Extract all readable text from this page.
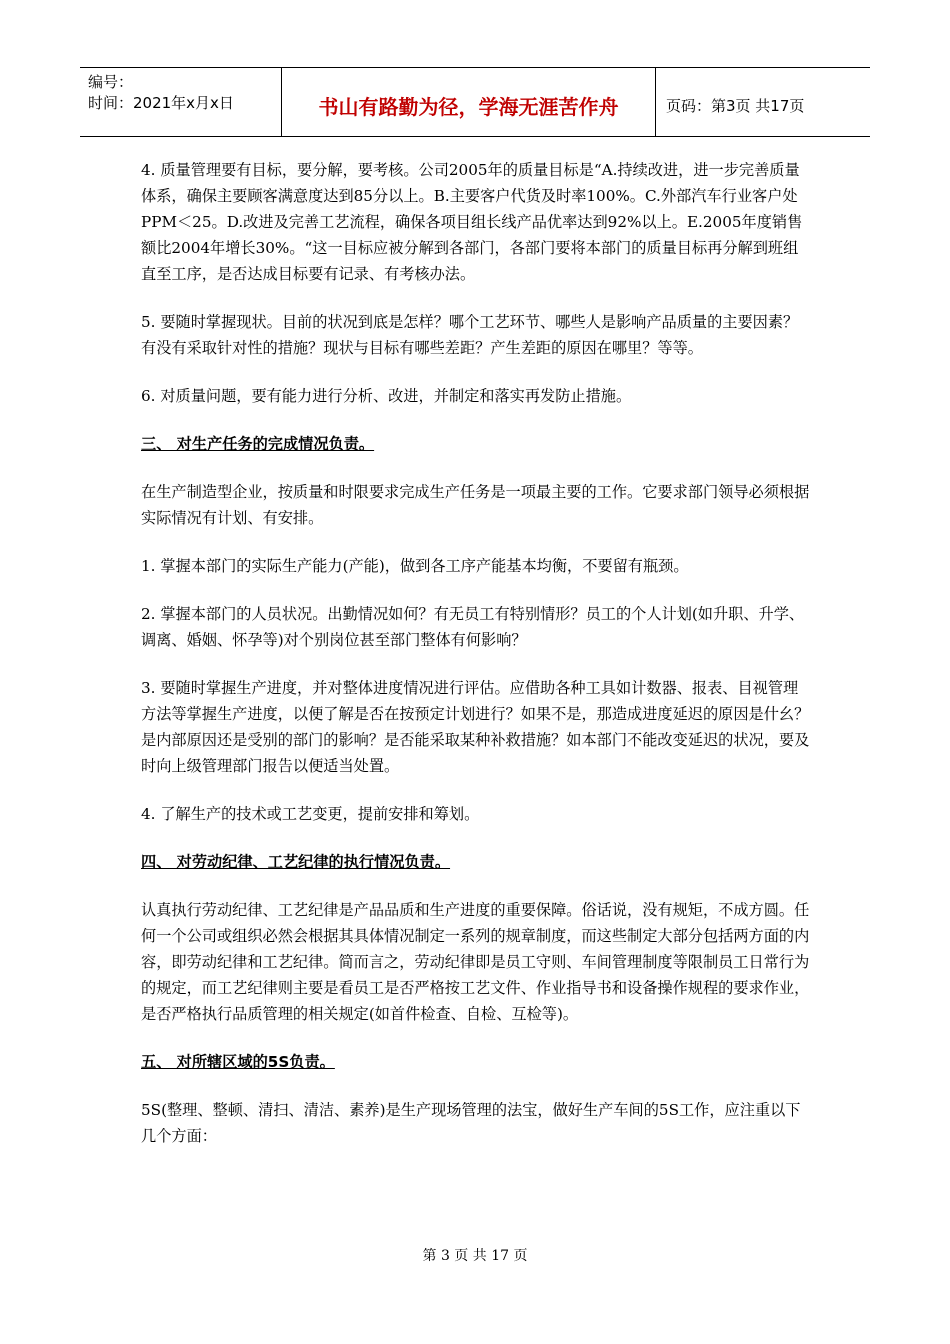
编号：
时间：2021年x月x日	书山有路勤为径，学海无涯苦作舟	页码：第3页 共17页

4. 质量管理要有目标，要分解，要考核。公司2005年的质量目标是“A.持续改进，进一步完善质量体系，确保主要顾客满意度达到85分以上。B.主要客户代货及时率100%。C.外部汽车行业客户处PPM＜25。D.改进及完善工艺流程，确保各项目组长线产品优率达到92%以上。E.2005年度销售额比2004年增长30%。“这一目标应被分解到各部门，各部门要将本部门的质量目标再分解到班组直至工序，是否达成目标要有记录、有考核办法。

5. 要随时掌握现状。目前的状况到底是怎样？哪个工艺环节、哪些人是影响产品质量的主要因素？有没有采取针对性的措施？现状与目标有哪些差距？产生差距的原因在哪里？等等。

6. 对质量问题，要有能力进行分析、改进，并制定和落实再发防止措施。

三、 对生产任务的完成情况负责。

在生产制造型企业，按质量和时限要求完成生产任务是一项最主要的工作。它要求部门领导必须根据实际情况有计划、有安排。

1. 掌握本部门的实际生产能力(产能)，做到各工序产能基本均衡，不要留有瓶颈。

2. 掌握本部门的人员状况。出勤情况如何？有无员工有特别情形？员工的个人计划(如升职、升学、调离、婚姻、怀孕等)对个别岗位甚至部门整体有何影响？

3. 要随时掌握生产进度，并对整体进度情况进行评估。应借助各种工具如计数器、报表、目视管理方法等掌握生产进度，以便了解是否在按预定计划进行？如果不是，那造成进度延迟的原因是什幺？是内部原因还是受别的部门的影响？是否能采取某种补救措施？如本部门不能改变延迟的状况，要及时向上级管理部门报告以便适当处置。

4. 了解生产的技术或工艺变更，提前安排和筹划。

四、 对劳动纪律、工艺纪律的执行情况负责。

认真执行劳动纪律、工艺纪律是产品品质和生产进度的重要保障。俗话说，没有规矩，不成方圆。任何一个公司或组织必然会根据其具体情况制定一系列的规章制度，而这些制定大部分包括两方面的内容，即劳动纪律和工艺纪律。简而言之，劳动纪律即是员工守则、车间管理制度等限制员工日常行为的规定，而工艺纪律则主要是看员工是否严格按工艺文件、作业指导书和设备操作规程的要求作业，是否严格执行品质管理的相关规定(如首件检查、自检、互检等)。

五、 对所辖区域的5S负责。

5S(整理、整顿、清扫、清洁、素养)是生产现场管理的法宝，做好生产车间的5S工作，应注重以下几个方面：

第 3 页 共 17 页
